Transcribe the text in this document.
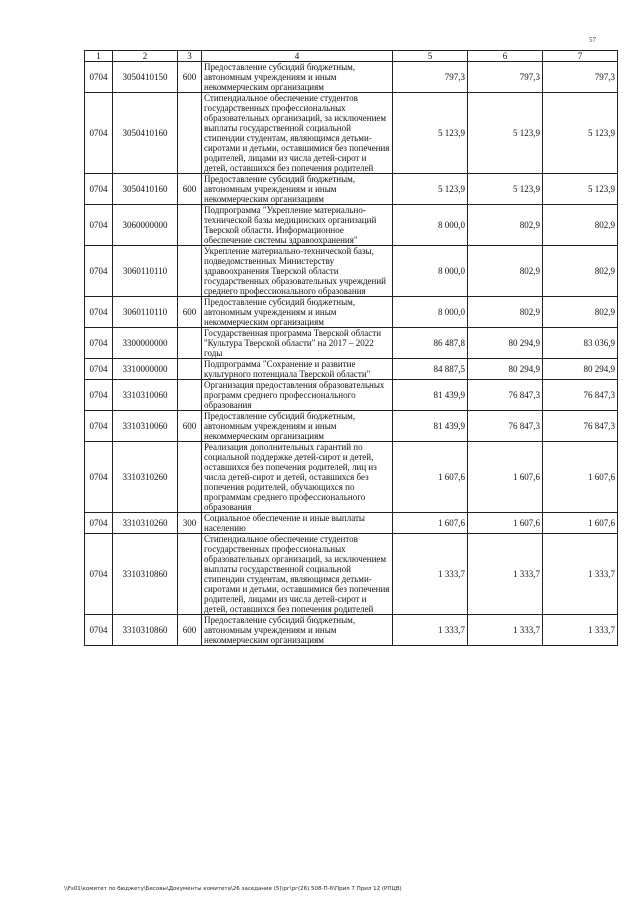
57
1	2	3	4	5	6	7
0704	3050410150	600	Предоставление субсидий бюджетным, автономным учреждениям и иным некоммерческим организациям	797,3	797,3	797,3
0704	3050410160		Стипендиальное обеспечение студентов государственных профессиональных образовательных организаций, за исключением выплаты государственной социальной стипендии студентам, являющимся детьми-сиротами и детьми, оставшимися без попечения родителей, лицами из числа детей-сирот и детей, оставшихся без попечения родителей	5 123,9	5 123,9	5 123,9
0704	3050410160	600	Предоставление субсидий бюджетным, автономным учреждениям и иным некоммерческим организациям	5 123,9	5 123,9	5 123,9
0704	3060000000		Подпрограмма "Укрепление материально-технической базы медицинских организаций Тверской области. Информационное обеспечение системы здравоохранения"	8 000,0	802,9	802,9
0704	3060110110		Укрепление материально-технической базы, подведомственных Министерству здравоохранения Тверской области государственных образовательных учреждений среднего профессионального образования	8 000,0	802,9	802,9
0704	3060110110	600	Предоставление субсидий бюджетным, автономным учреждениям и иным некоммерческим организациям	8 000,0	802,9	802,9
0704	3300000000		Государственная программа Тверской области "Культура Тверской области" на 2017 – 2022 годы	86 487,8	80 294,9	83 036,9
0704	3310000000		Подпрограмма "Сохранение и развитие культурного потенциала Тверской области"	84 887,5	80 294,9	80 294,9
0704	3310310060		Организация предоставления образовательных программ среднего профессионального образования	81 439,9	76 847,3	76 847,3
0704	3310310060	600	Предоставление субсидий бюджетным, автономным учреждениям и иным некоммерческим организациям	81 439,9	76 847,3	76 847,3
0704	3310310260		Реализация дополнительных гарантий по социальной поддержке детей-сирот и детей, оставшихся без попечения родителей, лиц из числа детей-сирот и детей, оставшихся без попечения родителей, обучающихся по программам среднего профессионального образования	1 607,6	1 607,6	1 607,6
0704	3310310260	300	Социальное обеспечение и иные выплаты населению	1 607,6	1 607,6	1 607,6
0704	3310310860		Стипендиальное обеспечение студентов государственных профессиональных образовательных организаций, за исключением выплаты государственной социальной стипендии студентам, являющимся детьми-сиротами и детьми, оставшимися без попечения родителей, лицами из числа детей-сирот и детей, оставшихся без попечения родителей	1 333,7	1 333,7	1 333,7
0704	3310310860	600	Предоставление субсидий бюджетным, автономным учреждениям и иным некоммерческим организациям	1 333,7	1 333,7	1 333,7
\\Fs01\комитет по бюджету\Бесовы\Документы комитета\26 заседание (5)\рг\рг(26) 508-П-6\Прил 7 Прил 12 (РПЦВ)
